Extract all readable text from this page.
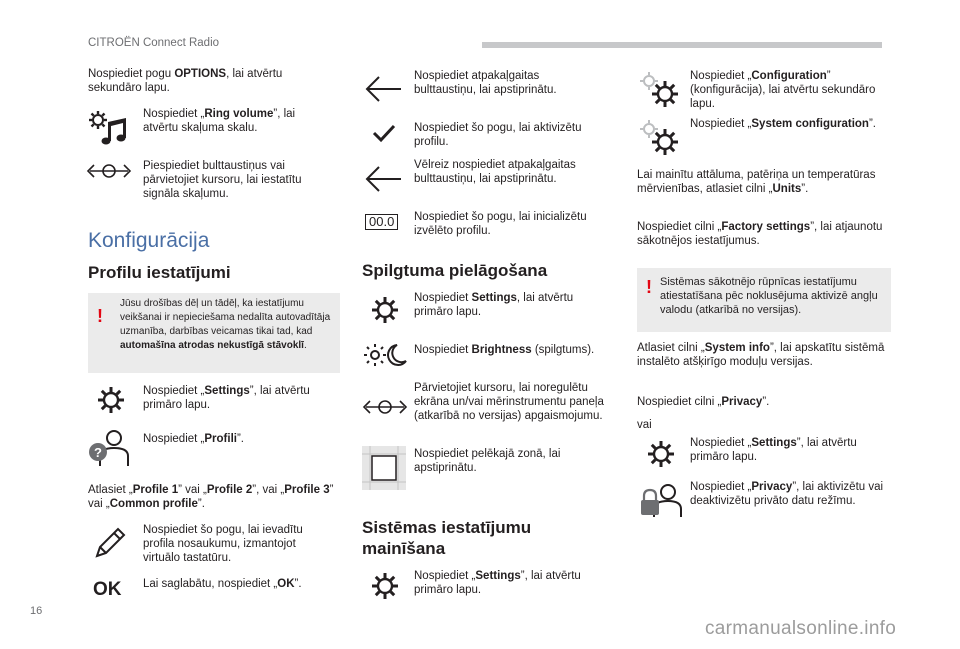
CITROËN Connect Radio
Nospiediet pogu OPTIONS, lai atvērtu sekundāro lapu.
Nospiediet „Ring volume”, lai atvērtu skaļuma skalu.
Piespiediet bulttaustiņus vai pārvietojiet kursoru, lai iestatītu signāla skaļumu.
Konfigurācija
Profilu iestatījumi
!
Jūsu drošības dēļ un tādēļ, ka iestatījumu veikšanai ir nepieciešama nedalīta autovadītāja uzmanība, darbības veicamas tikai tad, kad automašīna atrodas nekustīgā stāvoklī.
Nospiediet „Settings”, lai atvērtu primāro lapu.
?
Nospiediet „Profili”.
Atlasiet „Profile 1” vai „Profile 2”, vai „Profile 3” vai „Common profile”.
Nospiediet šo pogu, lai ievadītu profila nosaukumu, izmantojot virtuālo tastatūru.
OK Lai saglabātu, nospiediet „OK”.
Nospiediet atpakaļgaitas bulttaustiņu, lai apstiprinātu.
Nospiediet šo pogu, lai aktivizētu profilu.
Vēlreiz nospiediet atpakaļgaitas bulttaustiņu, lai apstiprinātu.
00.0	Nospiediet šo pogu, lai inicializētu izvēlēto profilu.
Spilgtuma pielāgošana
Nospiediet Settings, lai atvērtu primāro lapu.
Nospiediet Brightness (spilgtums).
Pārvietojiet kursoru, lai noregulētu ekrāna un/vai mērinstrumentu paneļa (atkarībā no versijas) apgaismojumu.
Nospiediet pelēkajā zonā, lai apstiprinātu.
Sistēmas iestatījumu
mainīšana
Nospiediet „Settings”, lai atvērtu primāro lapu.
Nospiediet „Configuration” (konfigurācija), lai atvērtu sekundāro lapu.
Nospiediet „System configuration”.
Lai mainītu attāluma, patēriņa un temperatūras mērvienības, atlasiet cilni „Units”.
Nospiediet cilni „Factory settings”, lai atjaunotu sākotnējos iestatījumus.
! Sistēmas sākotnējo rūpnīcas iestatījumu atiestatīšana pēc noklusējuma aktivizē angļu valodu (atkarībā no versijas).
Atlasiet cilni „System info”, lai apskatītu sistēmā instalēto atšķirīgo moduļu versijas.
Nospiediet cilni „Privacy”.
vai
Nospiediet „Settings”, lai atvērtu primāro lapu.
Nospiediet „Privacy”, lai aktivizētu vai deaktivizētu privāto datu režīmu.
16
carmanualsonline.info
